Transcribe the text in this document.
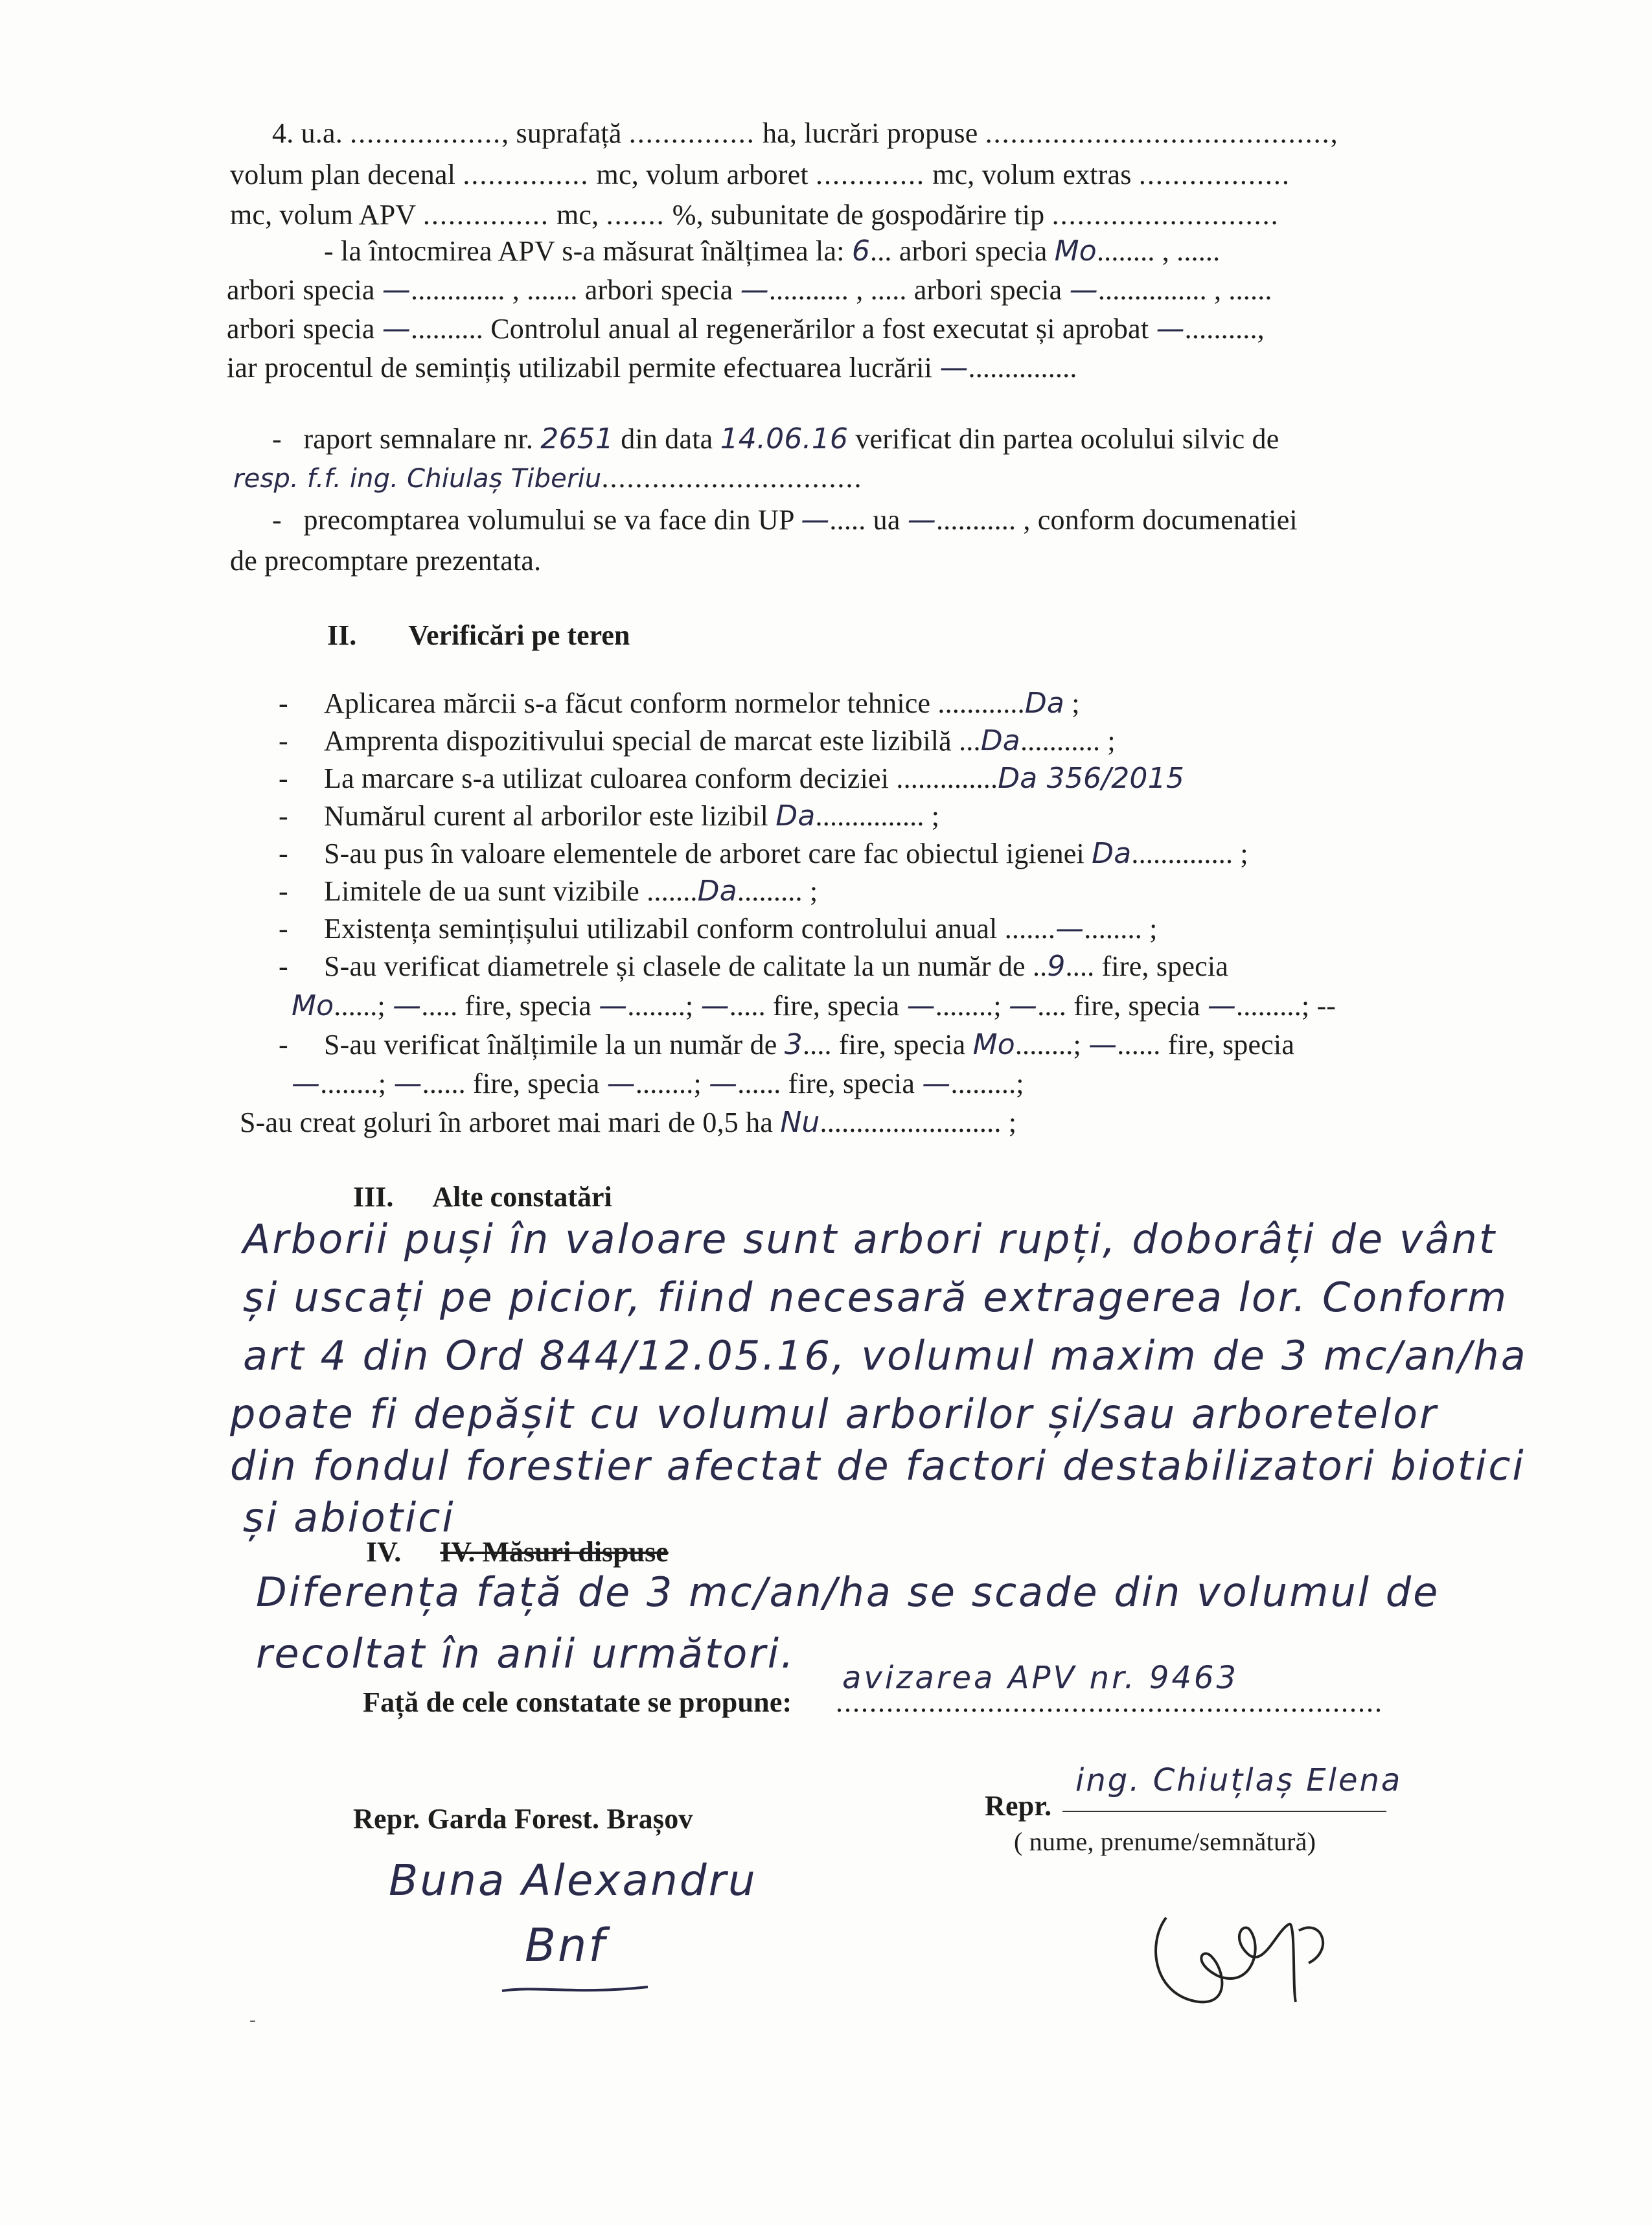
4. u.a. .................., suprafață ............... ha, lucrări propuse .........................................,
volum plan decenal ............... mc, volum arboret ............. mc, volum extras ..................
mc, volum APV ............... mc, ....... %, subunitate de gospodărire tip ...........................
- la întocmirea APV s-a măsurat înălțimea la: 6... arbori specia Mo........ , ......
arbori specia —............. , ....... arbori specia —........... , ..... arbori specia —............... , ......
arbori specia —.......... Controlul anual al regenerărilor a fost executat și aprobat —..........,
iar procentul de semințiș utilizabil permite efectuarea lucrării —...............
-   raport semnalare nr. 2651 din data 14.06.16 verificat din partea ocolului silvic de
resp. f.f. ing. Chiulaș Tiberiu...............................
-   precomptarea volumului se va face din UP —..... ua —........... , conform documenatiei
de precomptare prezentata.
II. Verificări pe teren
- Aplicarea mărcii s-a făcut conform normelor tehnice ............Da ;
- Amprenta dispozitivului special de marcat este lizibilă ...Da........... ;
- La marcare s-a utilizat culoarea conform deciziei ..............Da 356/2015
- Numărul curent al arborilor este lizibil Da............... ;
- S-au pus în valoare elementele de arboret care fac obiectul igienei Da.............. ;
- Limitele de ua sunt vizibile .......Da......... ;
- Existența semințișului utilizabil conform controlului anual .......—........ ;
- S-au verificat diametrele și clasele de calitate la un număr de ..9.... fire, specia
Mo......; —..... fire, specia —........; —..... fire, specia —........; —.... fire, specia —.........; --
- S-au verificat înălțimile la un număr de 3.... fire, specia Mo........; —...... fire, specia
—........; —...... fire, specia —........; —...... fire, specia —.........;
S-au creat goluri în arboret mai mari de 0,5 ha Nu......................... ;
III. Alte constatări
Arborii puși în valoare sunt arbori rupți, doborâți de vânt
și uscați pe picior, fiind necesară extragerea lor. Conform
art 4 din Ord 844/12.05.16, volumul maxim de 3 mc/an/ha
poate fi depășit cu volumul arborilor și/sau arboretelor
din fondul forestier afectat de factori destabilizatori biotici
și abiotici
IV. IV. Măsuri dispuse
Diferența față de 3 mc/an/ha se scade din volumul de
recoltat în anii următori.
Față de cele constatate se propune:
avizarea APV nr. 9463
.................................................................
Repr. Garda Forest. Brașov
Buna Alexandru
Bnf
Repr.
ing. Chiuțlaș Elena
( nume, prenume/semnătură)
-
